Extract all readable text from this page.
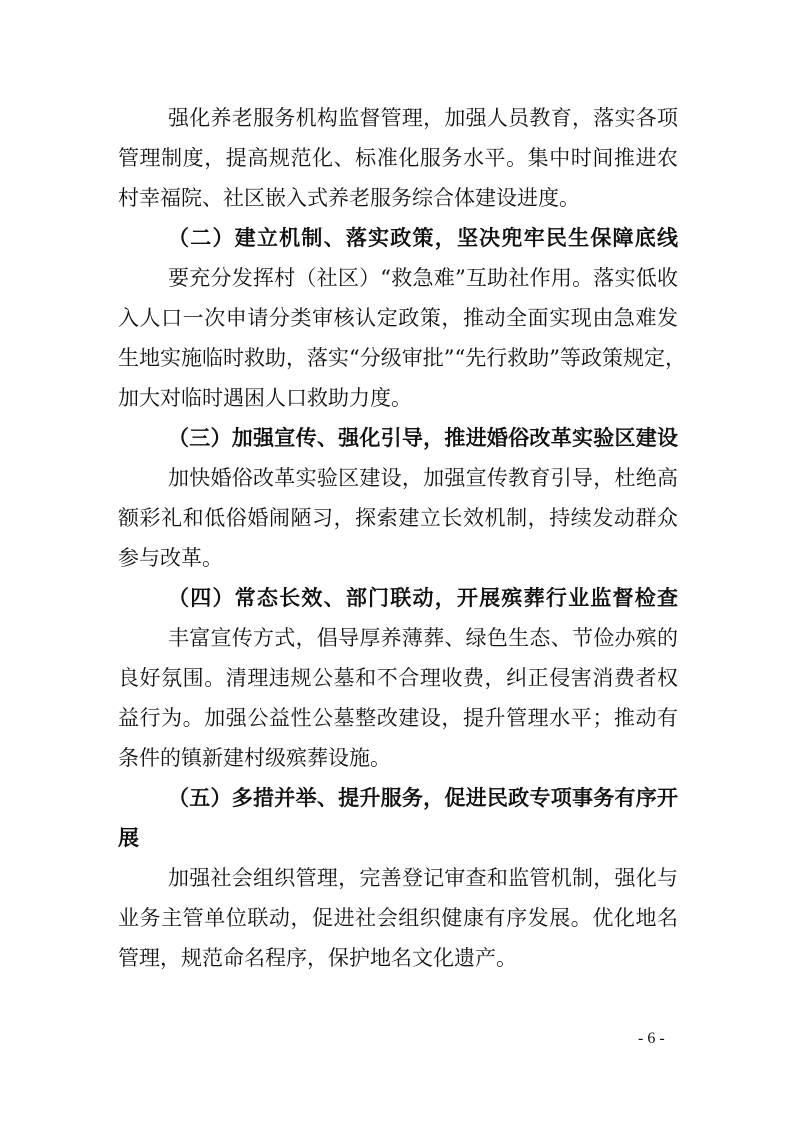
强化养老服务机构监督管理，加强人员教育，落实各项
管理制度，提高规范化、标准化服务水平。集中时间推进农
村幸福院、社区嵌入式养老服务综合体建设进度。
（二）建立机制、落实政策，坚决兜牢民生保障底线
要充分发挥村（社区）“救急难”互助社作用。落实低收
入人口一次申请分类审核认定政策，推动全面实现由急难发
生地实施临时救助，落实“分级审批”“先行救助”等政策规定，
加大对临时遇困人口救助力度。
（三）加强宣传、强化引导，推进婚俗改革实验区建设
加快婚俗改革实验区建设，加强宣传教育引导，杜绝高
额彩礼和低俗婚闹陋习，探索建立长效机制，持续发动群众
参与改革。
（四）常态长效、部门联动，开展殡葬行业监督检查
丰富宣传方式，倡导厚养薄葬、绿色生态、节俭办殡的
良好氛围。清理违规公墓和不合理收费，纠正侵害消费者权
益行为。加强公益性公墓整改建设，提升管理水平；推动有
条件的镇新建村级殡葬设施。
（五）多措并举、提升服务，促进民政专项事务有序开
展
加强社会组织管理，完善登记审查和监管机制，强化与
业务主管单位联动，促进社会组织健康有序发展。优化地名
管理，规范命名程序，保护地名文化遗产。
- 6 -
